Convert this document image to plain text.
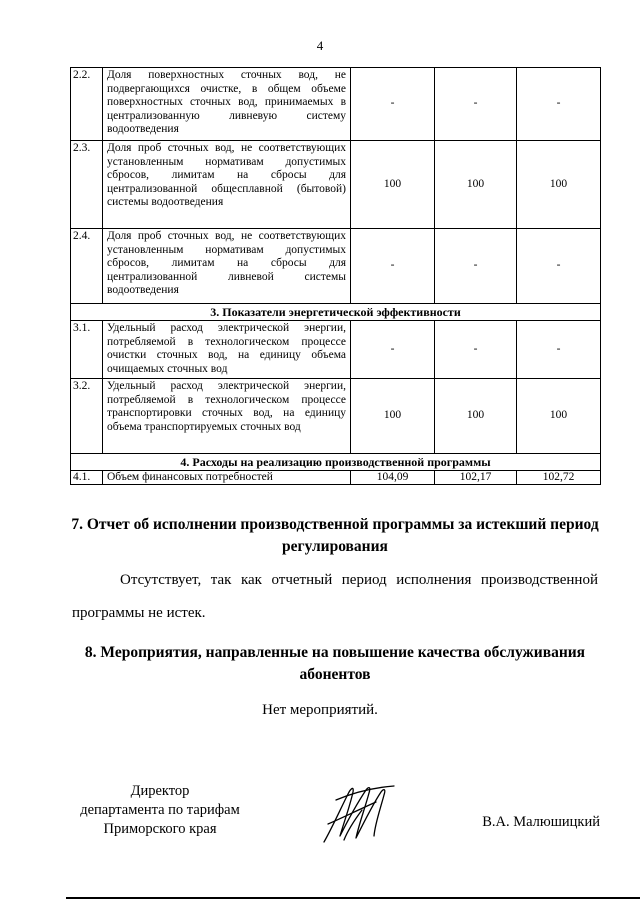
4
2.2.	Доля поверхностных сточных вод, не подвергающихся очистке, в общем объеме поверхностных сточных вод, принимаемых в централизованную ливневую систему водоотведения	-	-	-
2.3.	Доля проб сточных вод, не соответствующих установленным нормативам допустимых сбросов, лимитам на сбросы для централизованной общесплавной (бытовой) системы водоотведения	100	100	100
2.4.	Доля проб сточных вод, не соответствующих установленным нормативам допустимых сбросов, лимитам на сбросы для централизованной ливневой системы водоотведения	-	-	-
3. Показатели энергетической эффективности				
3.1.	Удельный расход электрической энергии, потребляемой в технологическом процессе очистки сточных вод, на единицу объема очищаемых сточных вод	-	-	-
3.2.	Удельный расход электрической энергии, потребляемой в технологическом процессе транспортировки сточных вод, на единицу объема транспортируемых сточных вод	100	100	100
4. Расходы на реализацию производственной программы				
4.1.	Объем финансовых потребностей	104,09	102,17	102,72
7. Отчет об исполнении производственной программы за истекший период регулирования
Отсутствует, так как отчетный период исполнения производственной программы не истек.
8. Мероприятия, направленные на повышение качества обслуживания абонентов
Нет мероприятий.
Директор
департамента по тарифам
Приморского края	В.А. Малюшицкий
